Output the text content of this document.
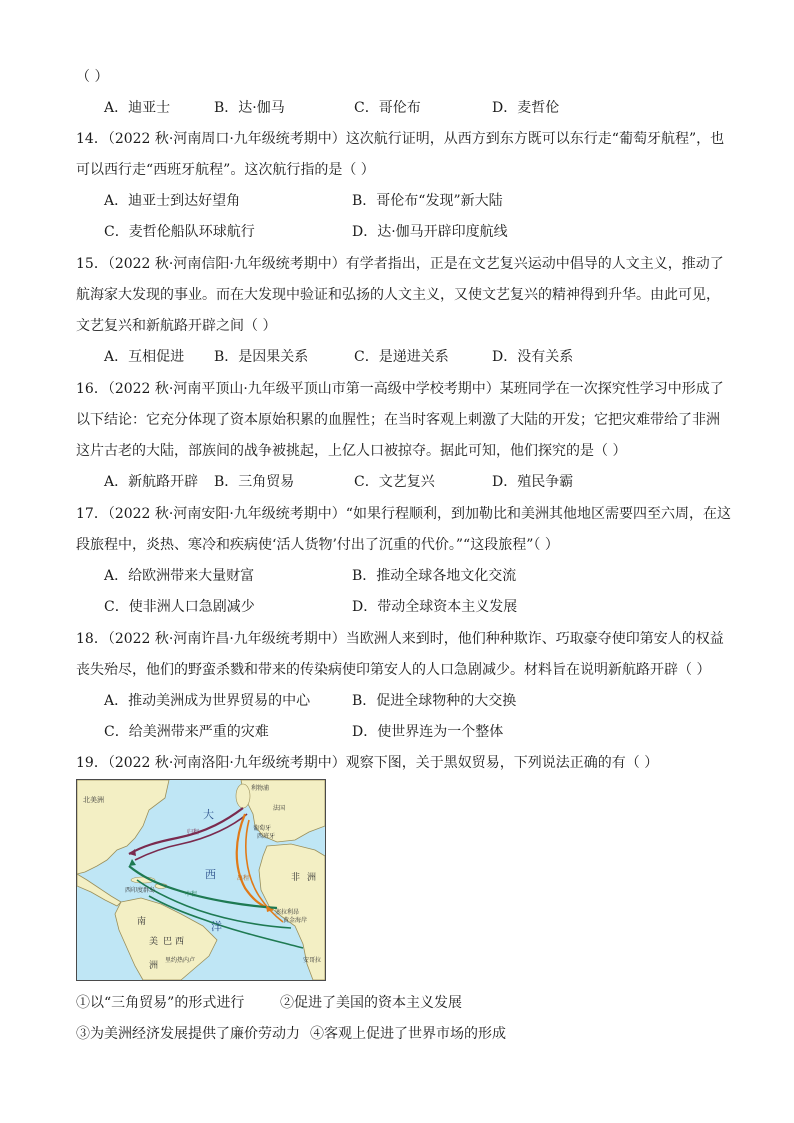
（ ）
A．迪亚士	B．达·伽马	C．哥伦布	D．麦哲伦
14．（2022 秋·河南周口·九年级统考期中）这次航行证明，从西方到东方既可以东行走“葡萄牙航程”，也
可以西行走“西班牙航程”。这次航行指的是（ ）
A．迪亚士到达好望角	B．哥伦布“发现”新大陆
C．麦哲伦船队环球航行	D．达·伽马开辟印度航线
15．（2022 秋·河南信阳·九年级统考期中）有学者指出，正是在文艺复兴运动中倡导的人文主义，推动了
航海家大发现的事业。而在大发现中验证和弘扬的人文主义，又使文艺复兴的精神得到升华。由此可见，
文艺复兴和新航路开辟之间（ ）
A．互相促进 B．是因果关系	C．是递进关系	D．没有关系
16．（2022 秋·河南平顶山·九年级平顶山市第一高级中学校考期中）某班同学在一次探究性学习中形成了
以下结论：它充分体现了资本原始积累的血腥性；在当时客观上刺激了大陆的开发；它把灾难带给了非洲
这片古老的大陆，部族间的战争被挑起，上亿人口被掠夺。据此可知，他们探究的是（ ）
A．新航路开辟 B．三角贸易	C．文艺复兴	D．殖民争霸
17．（2022 秋·河南安阳·九年级统考期中）“如果行程顺利，到加勒比和美洲其他地区需要四至六周，在这
段旅程中，炎热、寒冷和疾病使‘活人货物’付出了沉重的代价。”“这段旅程”（ ）
A．给欧洲带来大量财富	B．推动全球各地文化交流
C．使非洲人口急剧减少	D．带动全球资本主义发展
18．（2022 秋·河南许昌·九年级统考期中）当欧洲人来到时，他们种种欺诈、巧取豪夺使印第安人的权益
丧失殆尽，他们的野蛮杀戮和带来的传染病使印第安人的人口急剧减少。材料旨在说明新航路开辟（ ）
A．推动美洲成为世界贸易的中心	B．促进全球物种的大交换
C．给美洲带来严重的灾难	D．使世界连为一个整体
19．（2022 秋·河南洛阳·九年级统考期中）观察下图，关于黑奴贸易，下列说法正确的有（ ）
北美洲
大
西
洋
南
美 巴 西
洲
非 洲
利物浦
法国
葡萄牙
西班牙
塞拉利昂
黄金海岸
安哥拉
归程
出程
中程
西印度群岛
里约热内卢
①以“三角贸易”的形式进行	②促进了美国的资本主义发展
③为美洲经济发展提供了廉价劳动力 ④客观上促进了世界市场的形成
